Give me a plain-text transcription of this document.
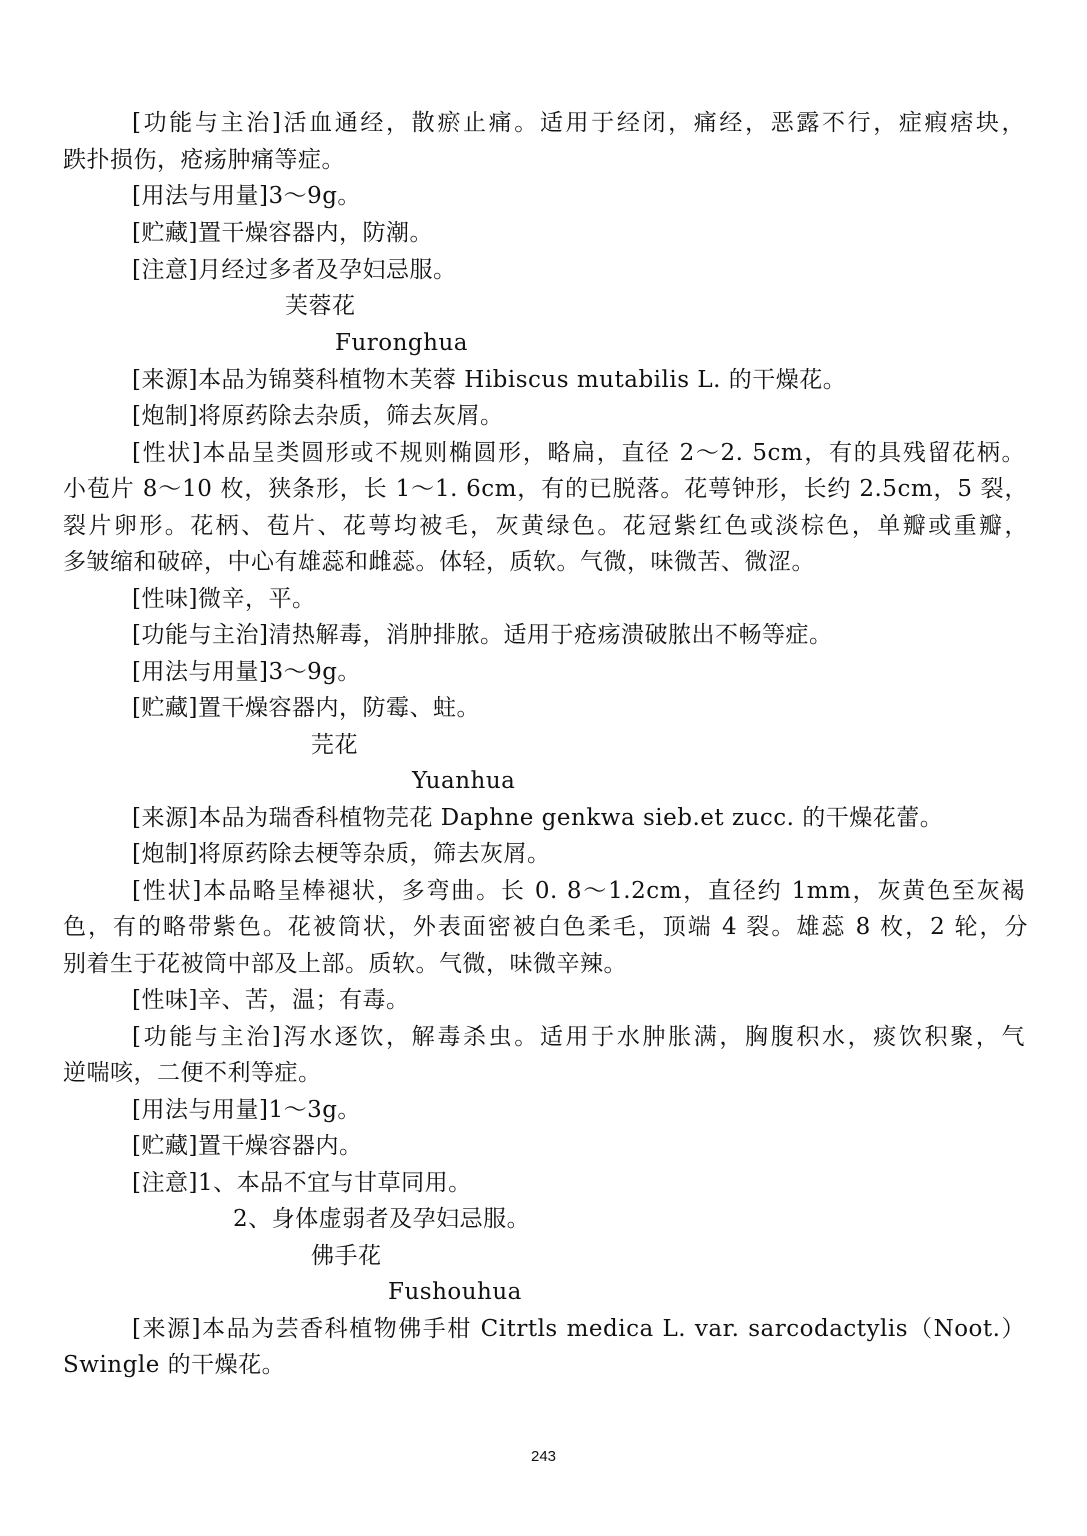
[功能与主治]活血通经，散瘀止痛。适用于经闭，痛经，恶露不行，症瘕痞块，
跌扑损伤，疮疡肿痛等症。
[用法与用量]3～9g。
[贮藏]置干燥容器内，防潮。
[注意]月经过多者及孕妇忌服。
芙蓉花
Furonghua
[来源]本品为锦葵科植物木芙蓉 Hibiscus mutabilis L. 的干燥花。
[炮制]将原药除去杂质，筛去灰屑。
[性状]本品呈类圆形或不规则椭圆形，略扁，直径 2～2. 5cm，有的具残留花柄。
小苞片 8～10 枚，狭条形，长 1～1. 6cm，有的已脱落。花萼钟形，长约 2.5cm，5 裂，
裂片卵形。花柄、苞片、花萼均被毛，灰黄绿色。花冠紫红色或淡棕色，单瓣或重瓣，
多皱缩和破碎，中心有雄蕊和雌蕊。体轻，质软。气微，味微苦、微涩。
[性味]微辛，平。
[功能与主治]清热解毒，消肿排脓。适用于疮疡溃破脓出不畅等症。
[用法与用量]3～9g。
[贮藏]置干燥容器内，防霉、蛀。
芫花
Yuanhua
[来源]本品为瑞香科植物芫花 Daphne genkwa sieb.et zucc. 的干燥花蕾。
[炮制]将原药除去梗等杂质，筛去灰屑。
[性状]本品略呈棒褪状，多弯曲。长 0. 8～1.2cm，直径约 1mm，灰黄色至灰褐
色，有的略带紫色。花被筒状，外表面密被白色柔毛，顶端 4 裂。雄蕊 8 枚，2 轮，分
别着生于花被筒中部及上部。质软。气微，味微辛辣。
[性味]辛、苦，温；有毒。
[功能与主治]泻水逐饮，解毒杀虫。适用于水肿胀满，胸腹积水，痰饮积聚，气
逆喘咳，二便不利等症。
[用法与用量]1～3g。
[贮藏]置干燥容器内。
[注意]1、本品不宜与甘草同用。
2、身体虚弱者及孕妇忌服。
佛手花
Fushouhua
[来源]本品为芸香科植物佛手柑 Citrtls medica L. var. sarcodactylis（Noot.）
Swingle 的干燥花。
243
